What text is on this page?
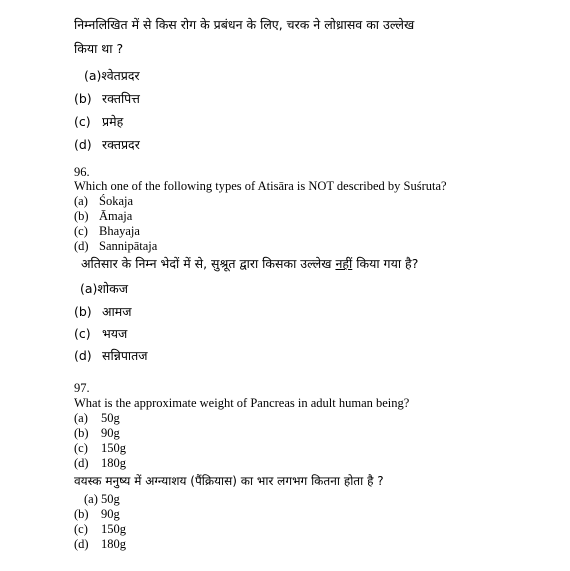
निम्नलिखित में से किस रोग के प्रबंधन के लिए, चरक ने लोध्रासव का उल्लेख
किया था ?
(a)श्वेतप्रदर
(b) रक्तपित्त
(c) प्रमेह
(d) रक्तप्रदर
96.
Which one of the following types of Atisāra is NOT described by Suśruta?
(a) Śokaja
(b) Āmaja
(c) Bhayaja
(d) Sannipātaja
अतिसार के निम्न भेदों में से, सुश्रूत द्वारा किसका उल्लेख नहीं किया गया है?
(a)शोकज
(b) आमज
(c) भयज
(d) सन्निपातज
97.
What is the approximate weight of Pancreas in adult human being?
(a) 50g
(b) 90g
(c) 150g
(d) 180g
वयस्क मनुष्य में अग्न्याशय (पैंक्रियास) का भार लगभग कितना होता है ?
(a) 50g
(b) 90g
(c) 150g
(d) 180g
